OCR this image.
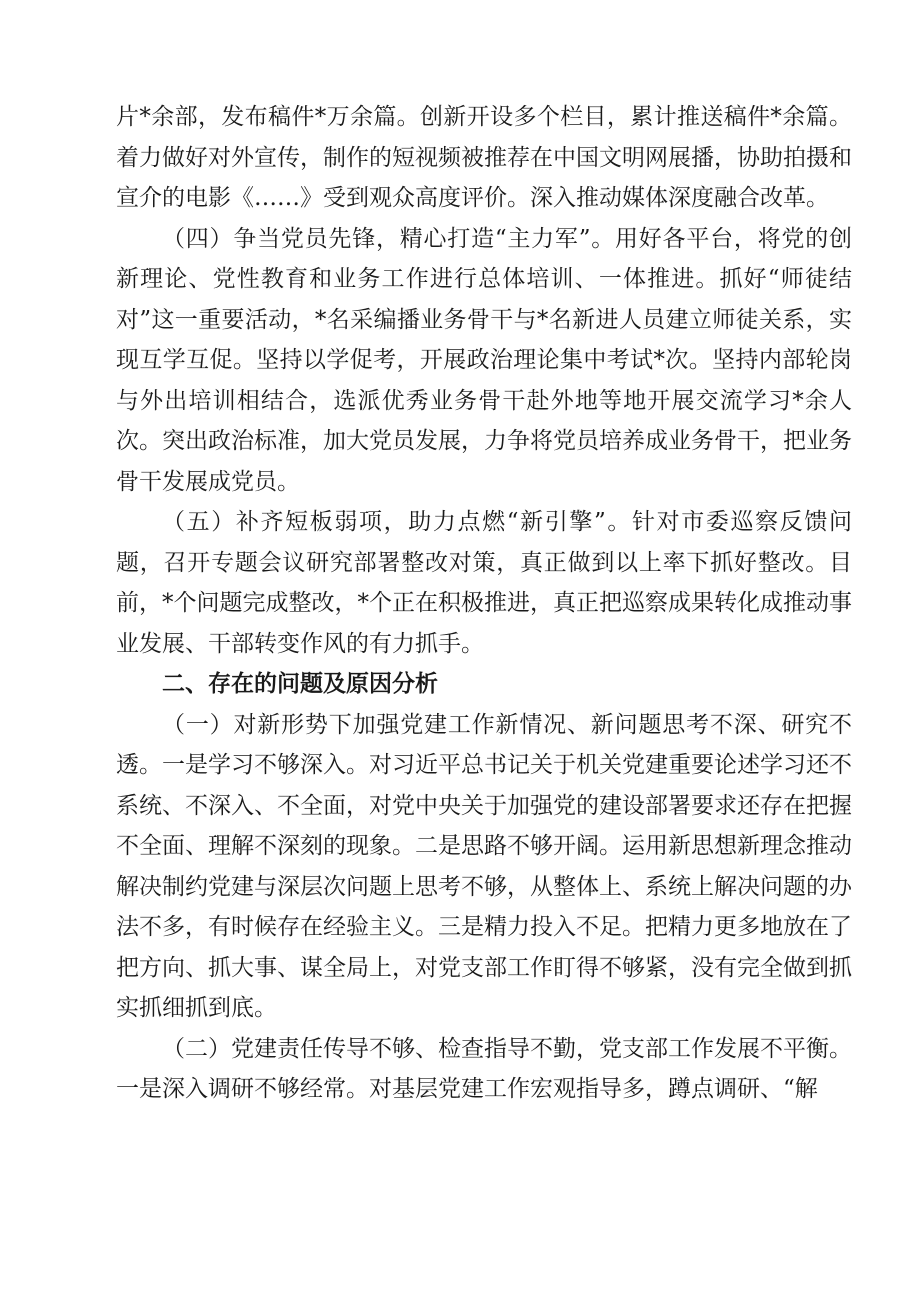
片*余部，发布稿件*万余篇。创新开设多个栏目，累计推送稿件*余篇。着力做好对外宣传，制作的短视频被推荐在中国文明网展播，协助拍摄和宣介的电影《……》受到观众高度评价。深入推动媒体深度融合改革。

（四）争当党员先锋，精心打造“主力军”。用好各平台，将党的创新理论、党性教育和业务工作进行总体培训、一体推进。抓好“师徒结对”这一重要活动，*名采编播业务骨干与*名新进人员建立师徒关系，实现互学互促。坚持以学促考，开展政治理论集中考试*次。坚持内部轮岗与外出培训相结合，选派优秀业务骨干赴外地等地开展交流学习*余人次。突出政治标准，加大党员发展，力争将党员培养成业务骨干，把业务骨干发展成党员。

（五）补齐短板弱项，助力点燃“新引擎”。针对市委巡察反馈问题，召开专题会议研究部署整改对策，真正做到以上率下抓好整改。目前，*个问题完成整改，*个正在积极推进，真正把巡察成果转化成推动事业发展、干部转变作风的有力抓手。

二、存在的问题及原因分析

（一）对新形势下加强党建工作新情况、新问题思考不深、研究不透。一是学习不够深入。对习近平总书记关于机关党建重要论述学习还不系统、不深入、不全面，对党中央关于加强党的建设部署要求还存在把握不全面、理解不深刻的现象。二是思路不够开阔。运用新思想新理念推动解决制约党建与深层次问题上思考不够，从整体上、系统上解决问题的办法不多，有时候存在经验主义。三是精力投入不足。把精力更多地放在了把方向、抓大事、谋全局上，对党支部工作盯得不够紧，没有完全做到抓实抓细抓到底。

（二）党建责任传导不够、检查指导不勤，党支部工作发展不平衡。一是深入调研不够经常。对基层党建工作宏观指导多，蹲点调研、“解
